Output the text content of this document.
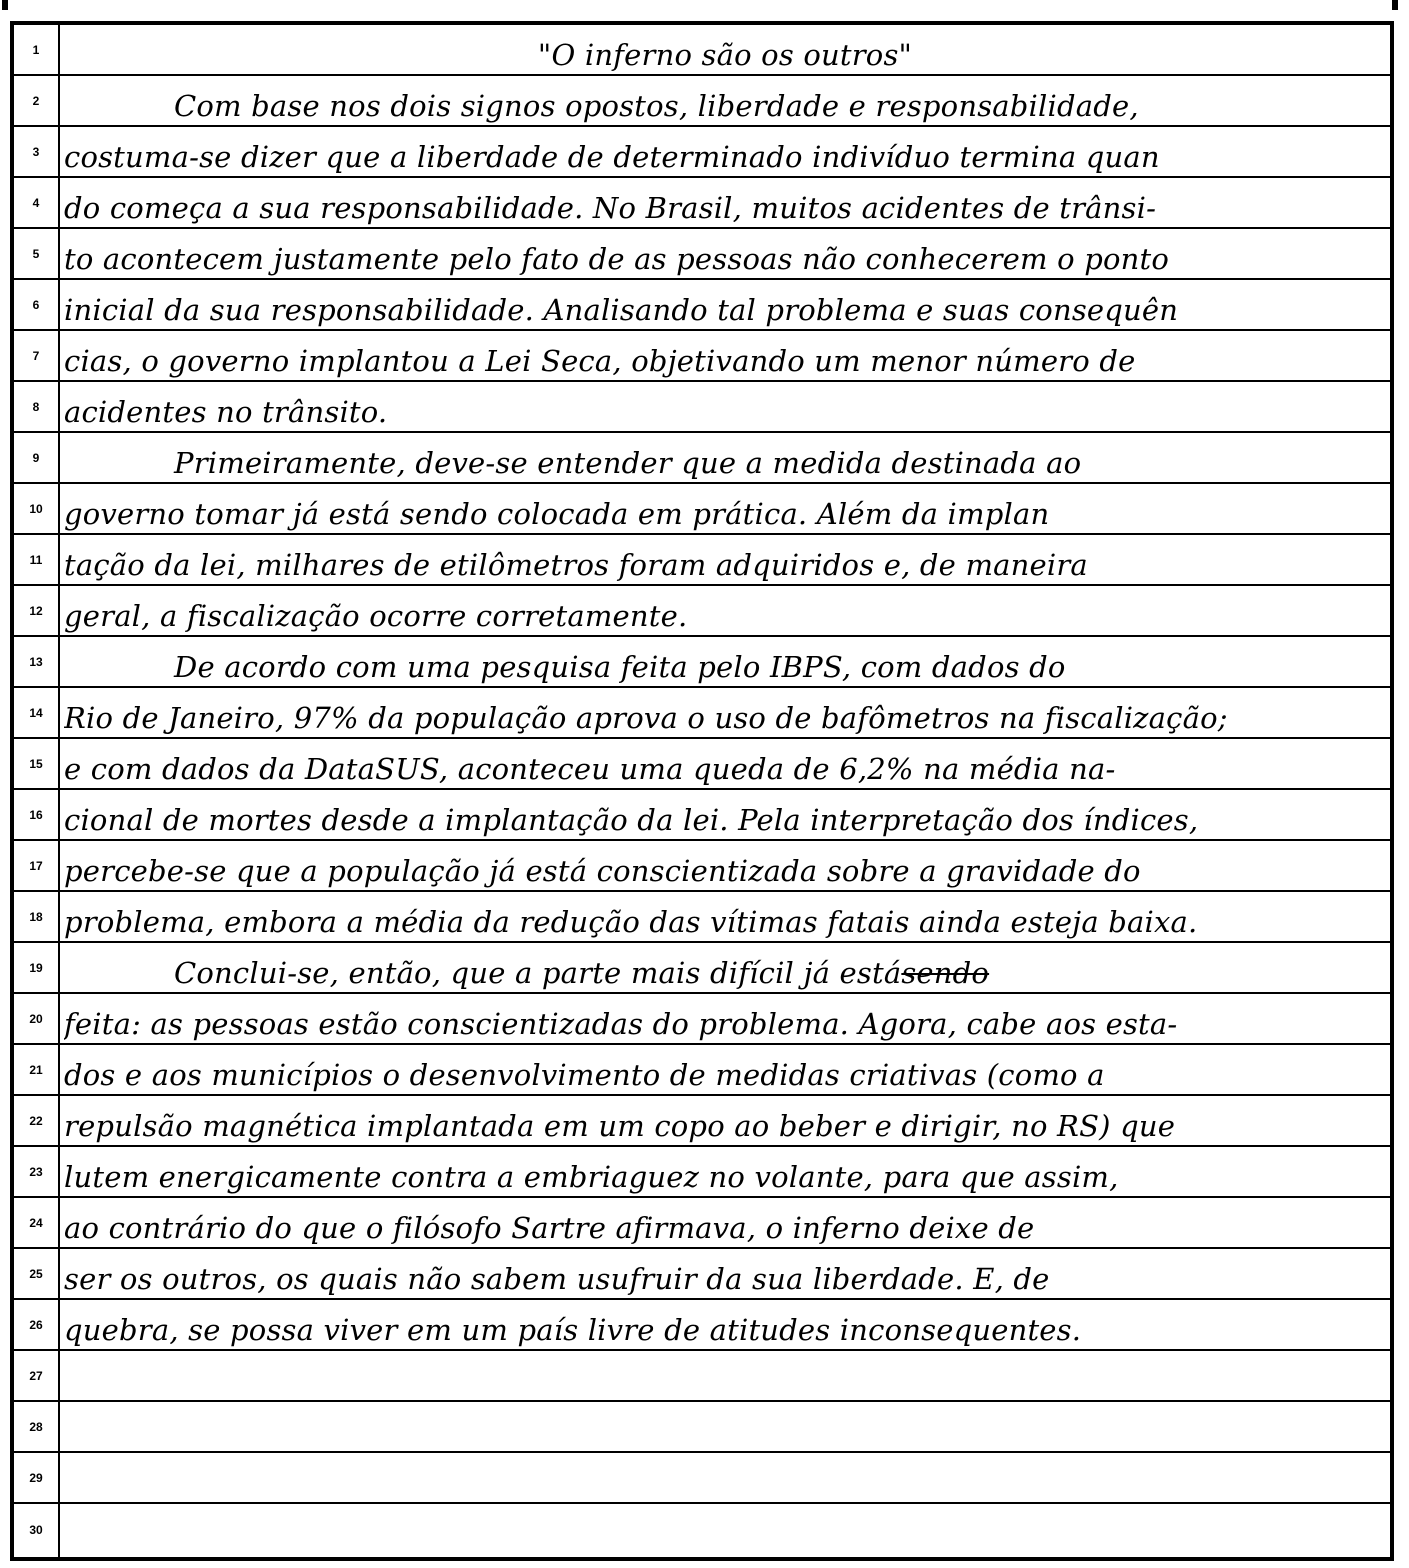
1	"O inferno são os outros"
2	Com base nos dois signos opostos, liberdade e responsabilidade,
3 costuma-se dizer que a liberdade de determinado indivíduo termina quan
4 do começa a sua responsabilidade. No Brasil, muitos acidentes de trânsi-
5 to acontecem justamente pelo fato de as pessoas não conhecerem o ponto
6 inicial da sua responsabilidade. Analisando tal problema e suas consequên
7 cias, o governo implantou a Lei Seca, objetivando um menor número de
8 acidentes no trânsito.
9	Primeiramente, deve-se entender que a medida destinada ao
10 governo tomar já está sendo colocada em prática. Além da implan
11 tação da lei, milhares de etilômetros foram adquiridos e, de maneira
12 geral, a fiscalização ocorre corretamente.
13	De acordo com uma pesquisa feita pelo IBPS, com dados do
14 Rio de Janeiro, 97% da população aprova o uso de bafômetros na fiscalização;
15 e com dados da DataSUS, aconteceu uma queda de 6,2% na média na-
16 cional de mortes desde a implantação da lei. Pela interpretação dos índices,
17 percebe-se que a população já está conscientizada sobre a gravidade do
18 problema, embora a média da redução das vítimas fatais ainda esteja baixa.
19	Conclui-se, então, que a parte mais difícil já está sendo
20 feita: as pessoas estão conscientizadas do problema. Agora, cabe aos esta-
21 dos e aos municípios o desenvolvimento de medidas criativas (como a
22 repulsão magnética implantada em um copo ao beber e dirigir, no RS) que
23 lutem energicamente contra a embriaguez no volante, para que assim,
24 ao contrário do que o filósofo Sartre afirmava, o inferno deixe de
25 ser os outros, os quais não sabem usufruir da sua liberdade. E, de
26 quebra, se possa viver em um país livre de atitudes inconsequentes.
27
28
29
30
